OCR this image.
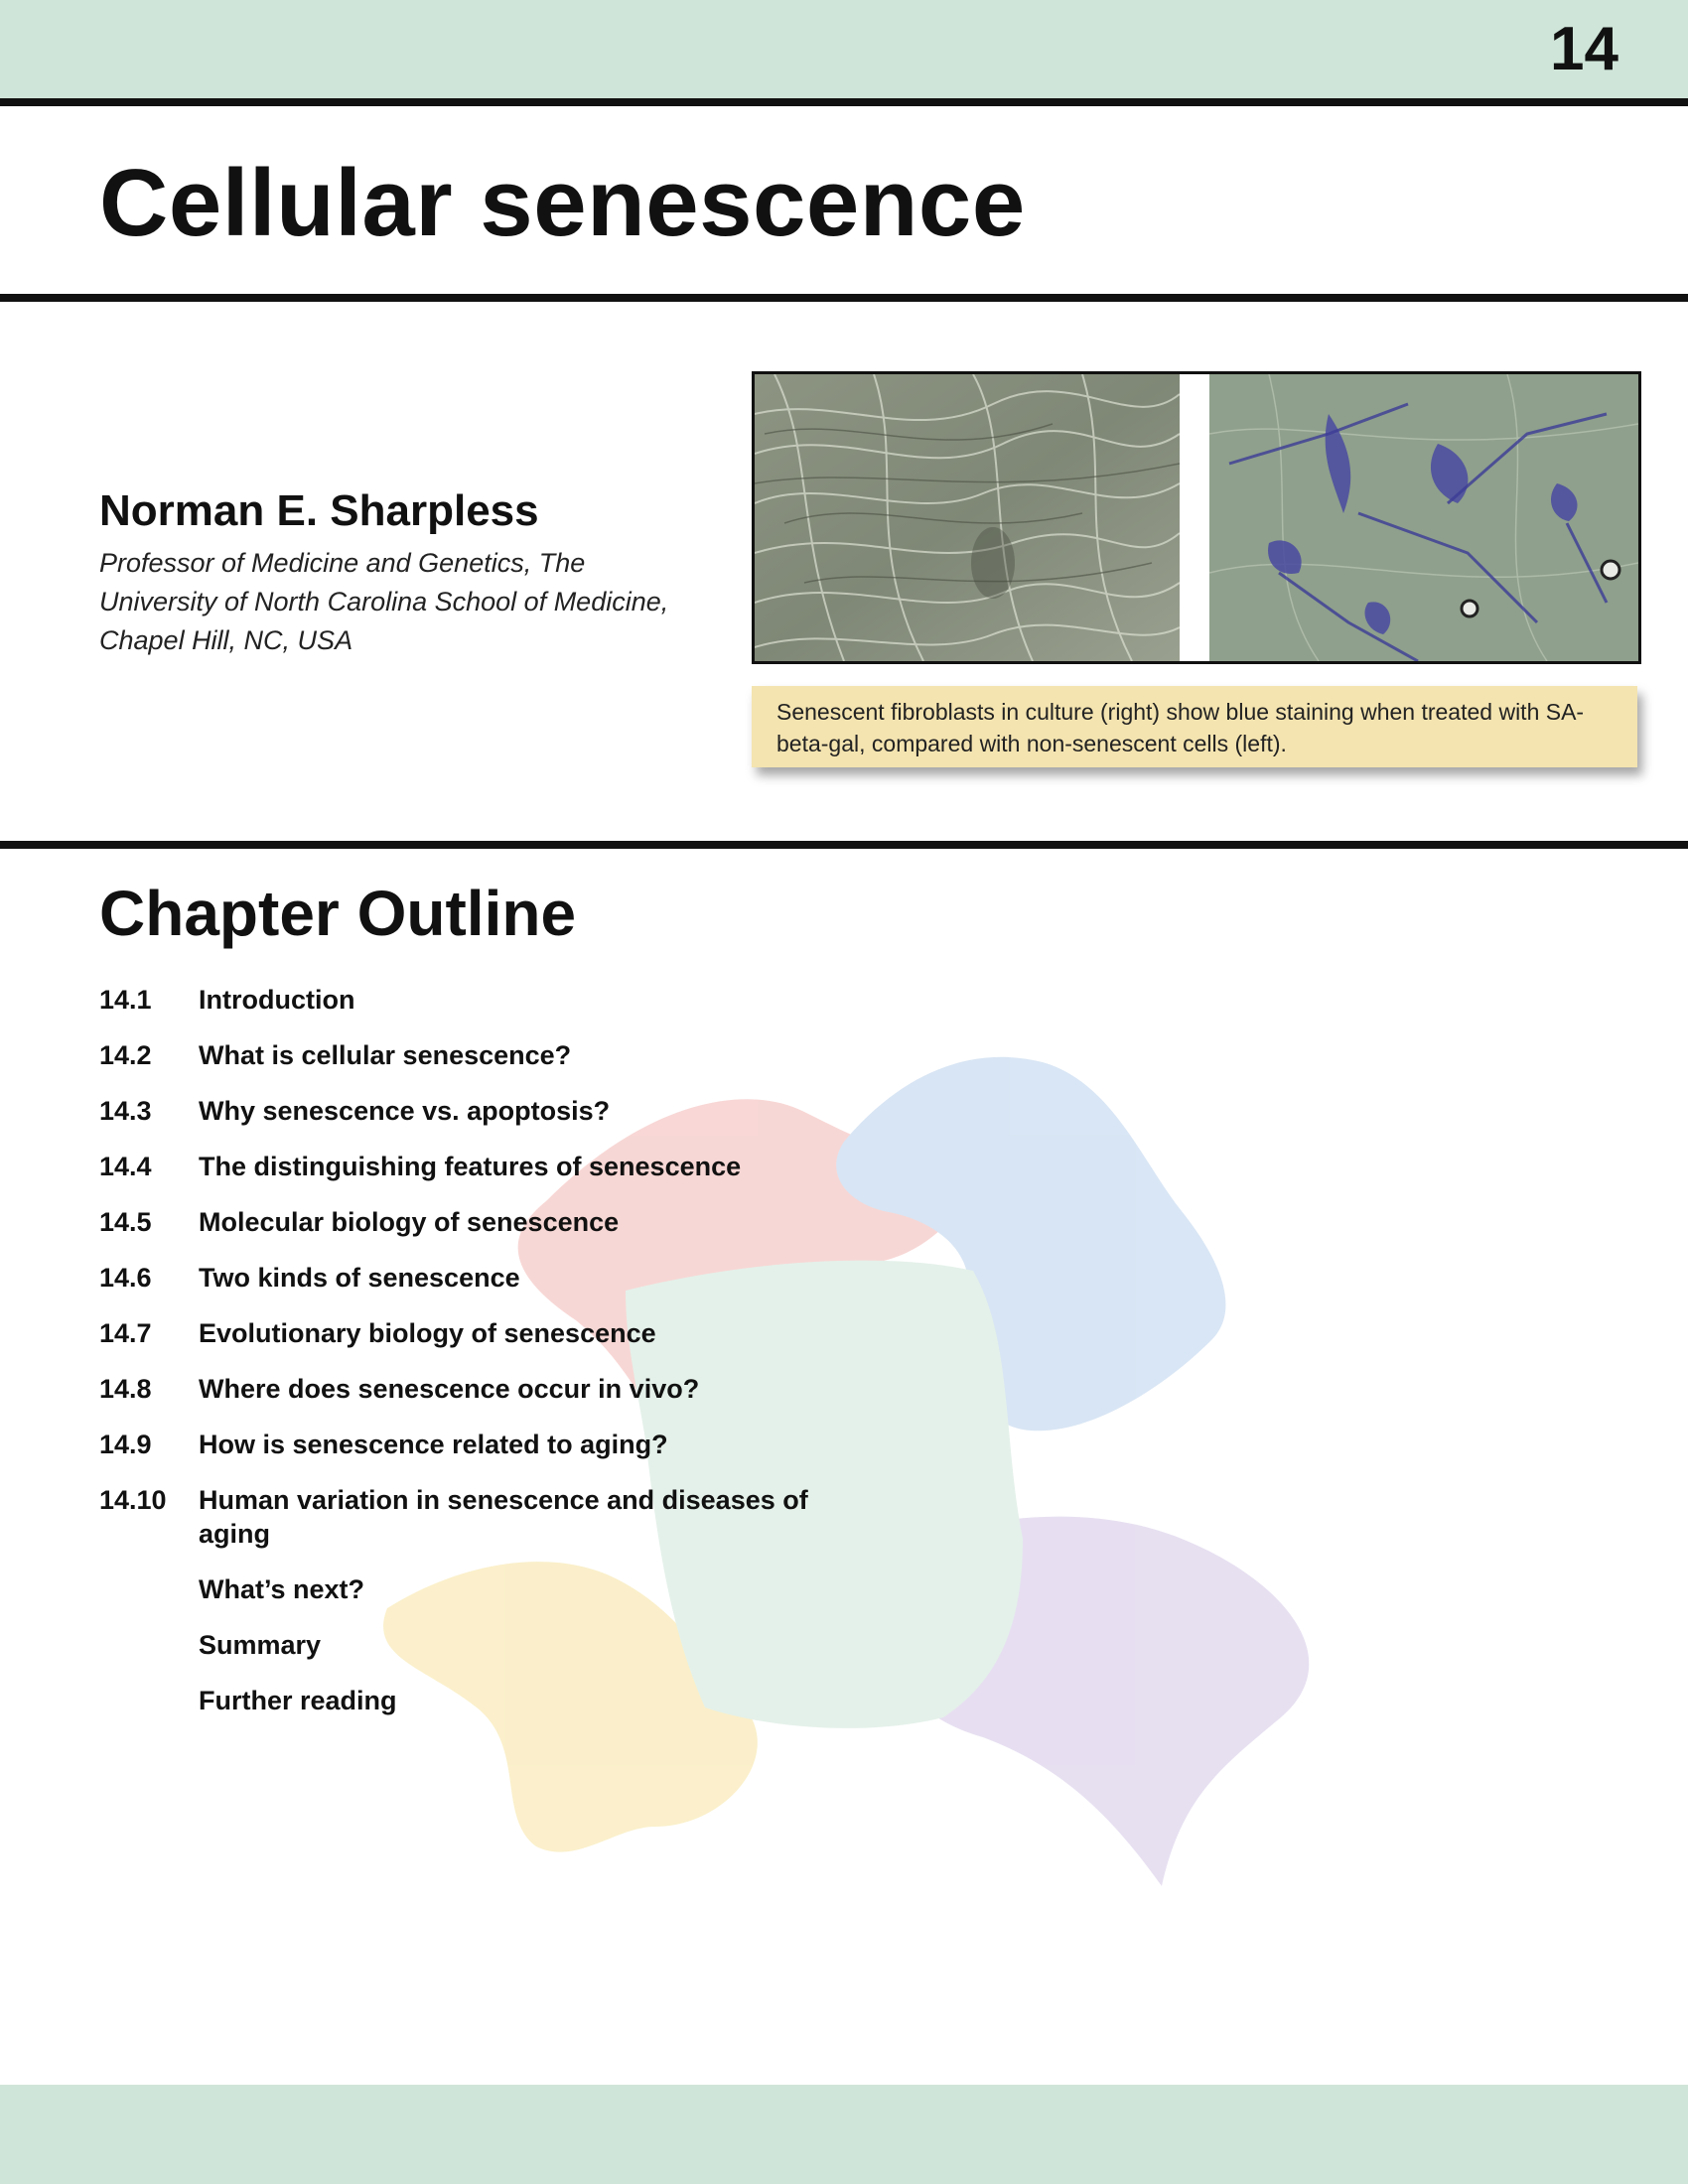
14
Cellular senescence

Norman E. Sharpless

Professor of Medicine and Genetics, The
University of North Carolina School of Medicine,
Chapel Hill, NC, USA

Senescent fibroblasts in culture (right) show blue staining when treated with SA-beta-gal, compared with non-senescent cells (left).

Chapter Outline
14.1 Introduction
14.2 What is cellular senescence?
14.3 Why senescence vs. apoptosis?
14.4 The distinguishing features of senescence
14.5 Molecular biology of senescence
14.6 Two kinds of senescence
14.7 Evolutionary biology of senescence
14.8 Where does senescence occur in vivo?
14.9 How is senescence related to aging?
14.10 Human variation in senescence and diseases of aging
What’s next?
Summary
Further reading
